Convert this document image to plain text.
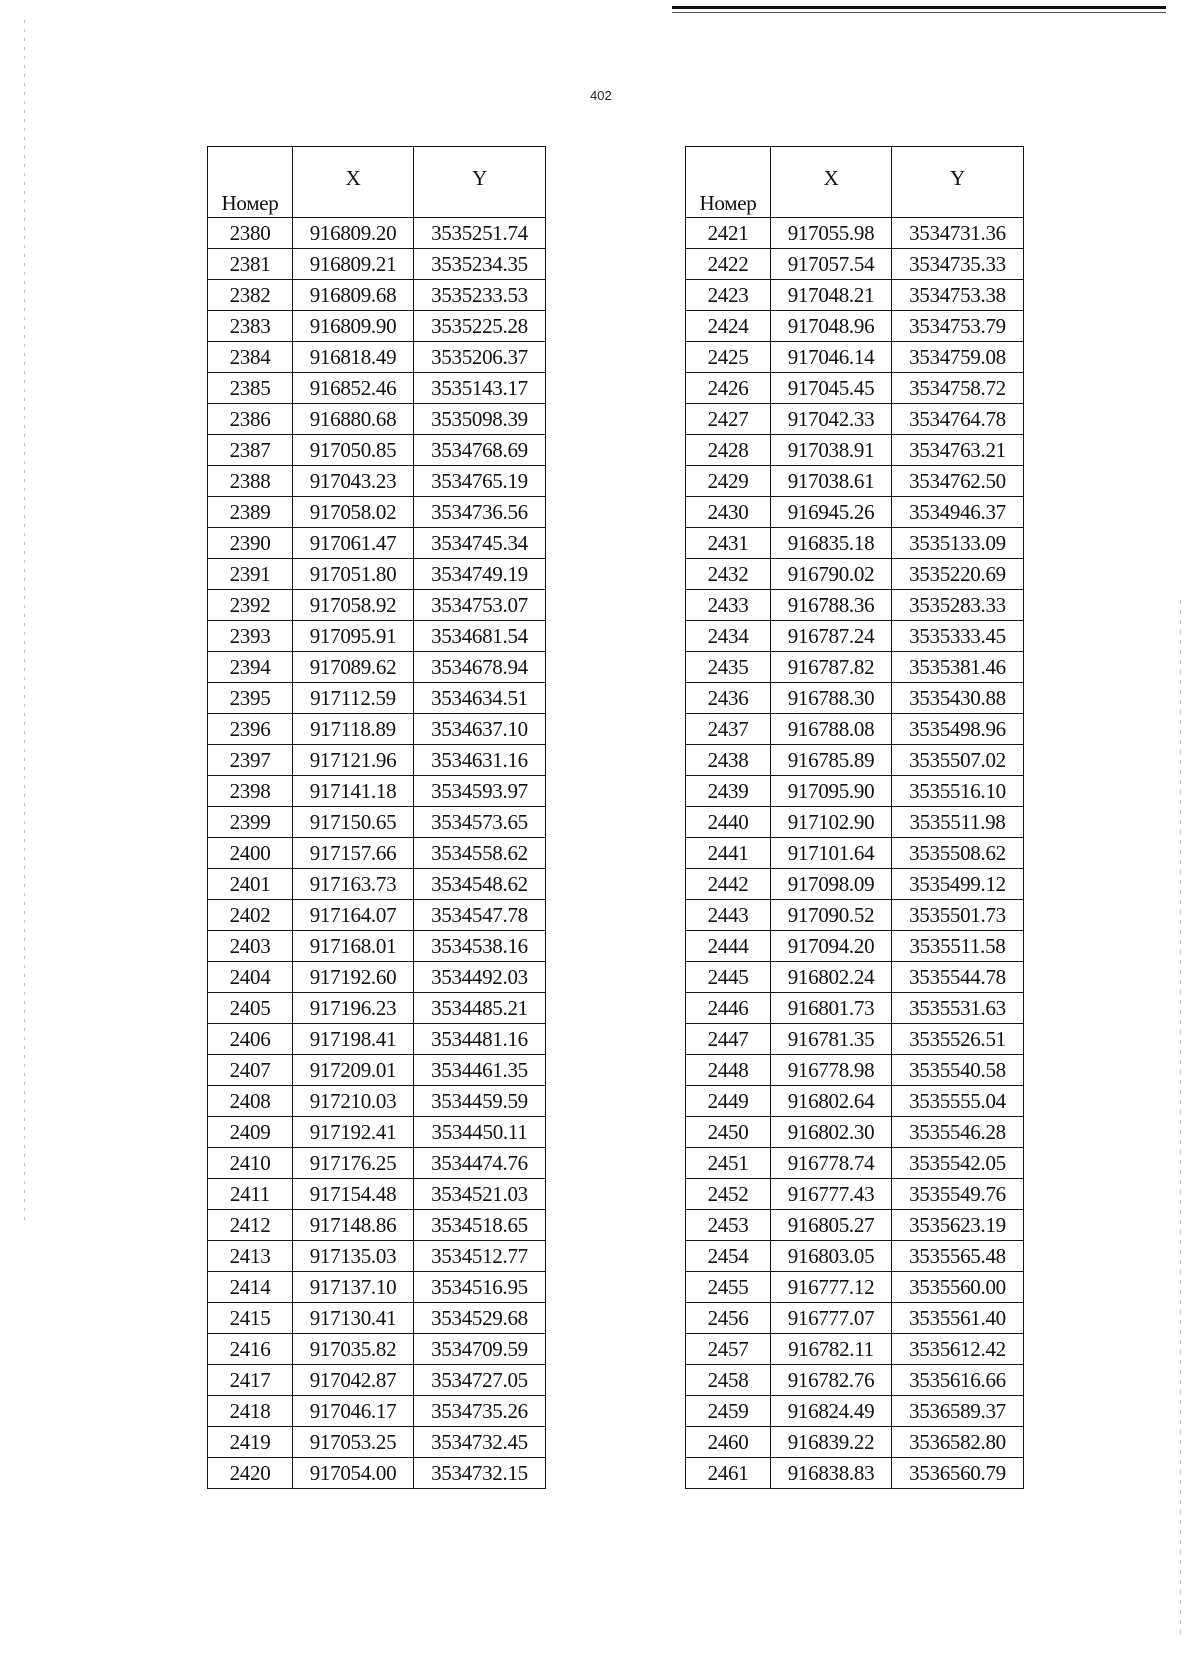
402
Номер	X	Y
2380	916809.20	3535251.74
2381	916809.21	3535234.35
2382	916809.68	3535233.53
2383	916809.90	3535225.28
2384	916818.49	3535206.37
2385	916852.46	3535143.17
2386	916880.68	3535098.39
2387	917050.85	3534768.69
2388	917043.23	3534765.19
2389	917058.02	3534736.56
2390	917061.47	3534745.34
2391	917051.80	3534749.19
2392	917058.92	3534753.07
2393	917095.91	3534681.54
2394	917089.62	3534678.94
2395	917112.59	3534634.51
2396	917118.89	3534637.10
2397	917121.96	3534631.16
2398	917141.18	3534593.97
2399	917150.65	3534573.65
2400	917157.66	3534558.62
2401	917163.73	3534548.62
2402	917164.07	3534547.78
2403	917168.01	3534538.16
2404	917192.60	3534492.03
2405	917196.23	3534485.21
2406	917198.41	3534481.16
2407	917209.01	3534461.35
2408	917210.03	3534459.59
2409	917192.41	3534450.11
2410	917176.25	3534474.76
2411	917154.48	3534521.03
2412	917148.86	3534518.65
2413	917135.03	3534512.77
2414	917137.10	3534516.95
2415	917130.41	3534529.68
2416	917035.82	3534709.59
2417	917042.87	3534727.05
2418	917046.17	3534735.26
2419	917053.25	3534732.45
2420	917054.00	3534732.15
Номер	X	Y
2421	917055.98	3534731.36
2422	917057.54	3534735.33
2423	917048.21	3534753.38
2424	917048.96	3534753.79
2425	917046.14	3534759.08
2426	917045.45	3534758.72
2427	917042.33	3534764.78
2428	917038.91	3534763.21
2429	917038.61	3534762.50
2430	916945.26	3534946.37
2431	916835.18	3535133.09
2432	916790.02	3535220.69
2433	916788.36	3535283.33
2434	916787.24	3535333.45
2435	916787.82	3535381.46
2436	916788.30	3535430.88
2437	916788.08	3535498.96
2438	916785.89	3535507.02
2439	917095.90	3535516.10
2440	917102.90	3535511.98
2441	917101.64	3535508.62
2442	917098.09	3535499.12
2443	917090.52	3535501.73
2444	917094.20	3535511.58
2445	916802.24	3535544.78
2446	916801.73	3535531.63
2447	916781.35	3535526.51
2448	916778.98	3535540.58
2449	916802.64	3535555.04
2450	916802.30	3535546.28
2451	916778.74	3535542.05
2452	916777.43	3535549.76
2453	916805.27	3535623.19
2454	916803.05	3535565.48
2455	916777.12	3535560.00
2456	916777.07	3535561.40
2457	916782.11	3535612.42
2458	916782.76	3535616.66
2459	916824.49	3536589.37
2460	916839.22	3536582.80
2461	916838.83	3536560.79
